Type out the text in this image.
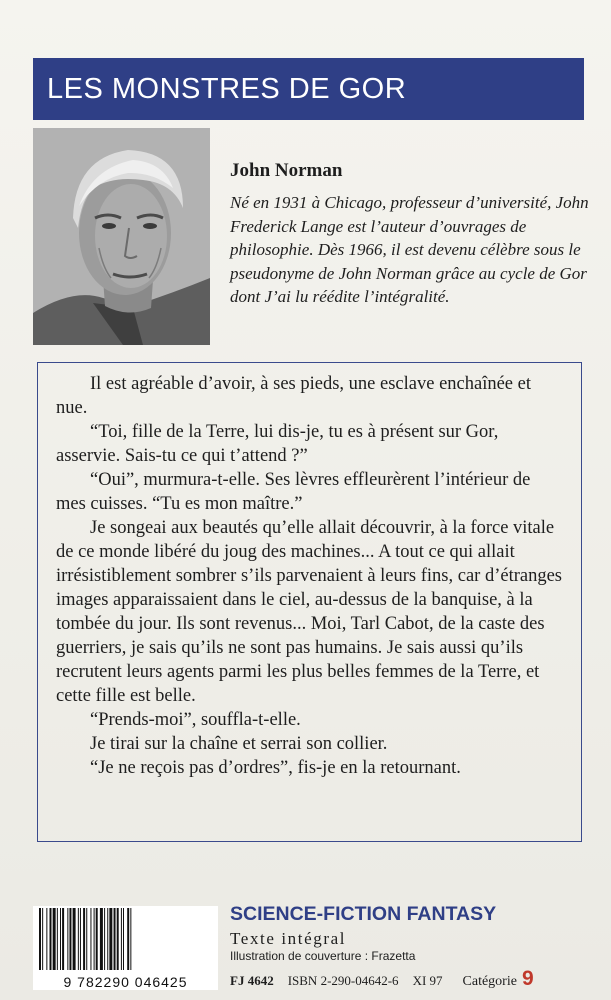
LES MONSTRES DE GOR
John Norman
Né en 1931 à Chicago, professeur d’université, John Frederick Lange est l’auteur d’ouvrages de philosophie. Dès 1966, il est devenu célèbre sous le pseudonyme de John Norman grâce au cycle de Gor dont J’ai lu réédite l’intégralité.

Il est agréable d’avoir, à ses pieds, une esclave enchaînée et nue.

“Toi, fille de la Terre, lui dis-je, tu es à présent sur Gor, asservie. Sais-tu ce qui t’attend ?”

“Oui”, murmura-t-elle. Ses lèvres effleurèrent l’intérieur de mes cuisses. “Tu es mon maître.”

Je songeai aux beautés qu’elle allait découvrir, à la force vitale de ce monde libéré du joug des machines... A tout ce qui allait irrésistiblement sombrer s’ils parvenaient à leurs fins, car d’étranges images apparaissaient dans le ciel, au-dessus de la banquise, à la tombée du jour. Ils sont revenus... Moi, Tarl Cabot, de la caste des guerriers, je sais qu’ils ne sont pas humains. Je sais aussi qu’ils recrutent leurs agents parmi les plus belles femmes de la Terre, et cette fille est belle.

“Prends-moi”, souffla-t-elle.

Je tirai sur la chaîne et serrai son collier.

“Je ne reçois pas d’ordres”, fis-je en la retournant.

9 782290 046425
SCIENCE-FICTION FANTASY
Texte intégral
Illustration de couverture : Frazetta
FJ 4642 ISBN 2-290-04642-6 XI 97 Catégorie 9
